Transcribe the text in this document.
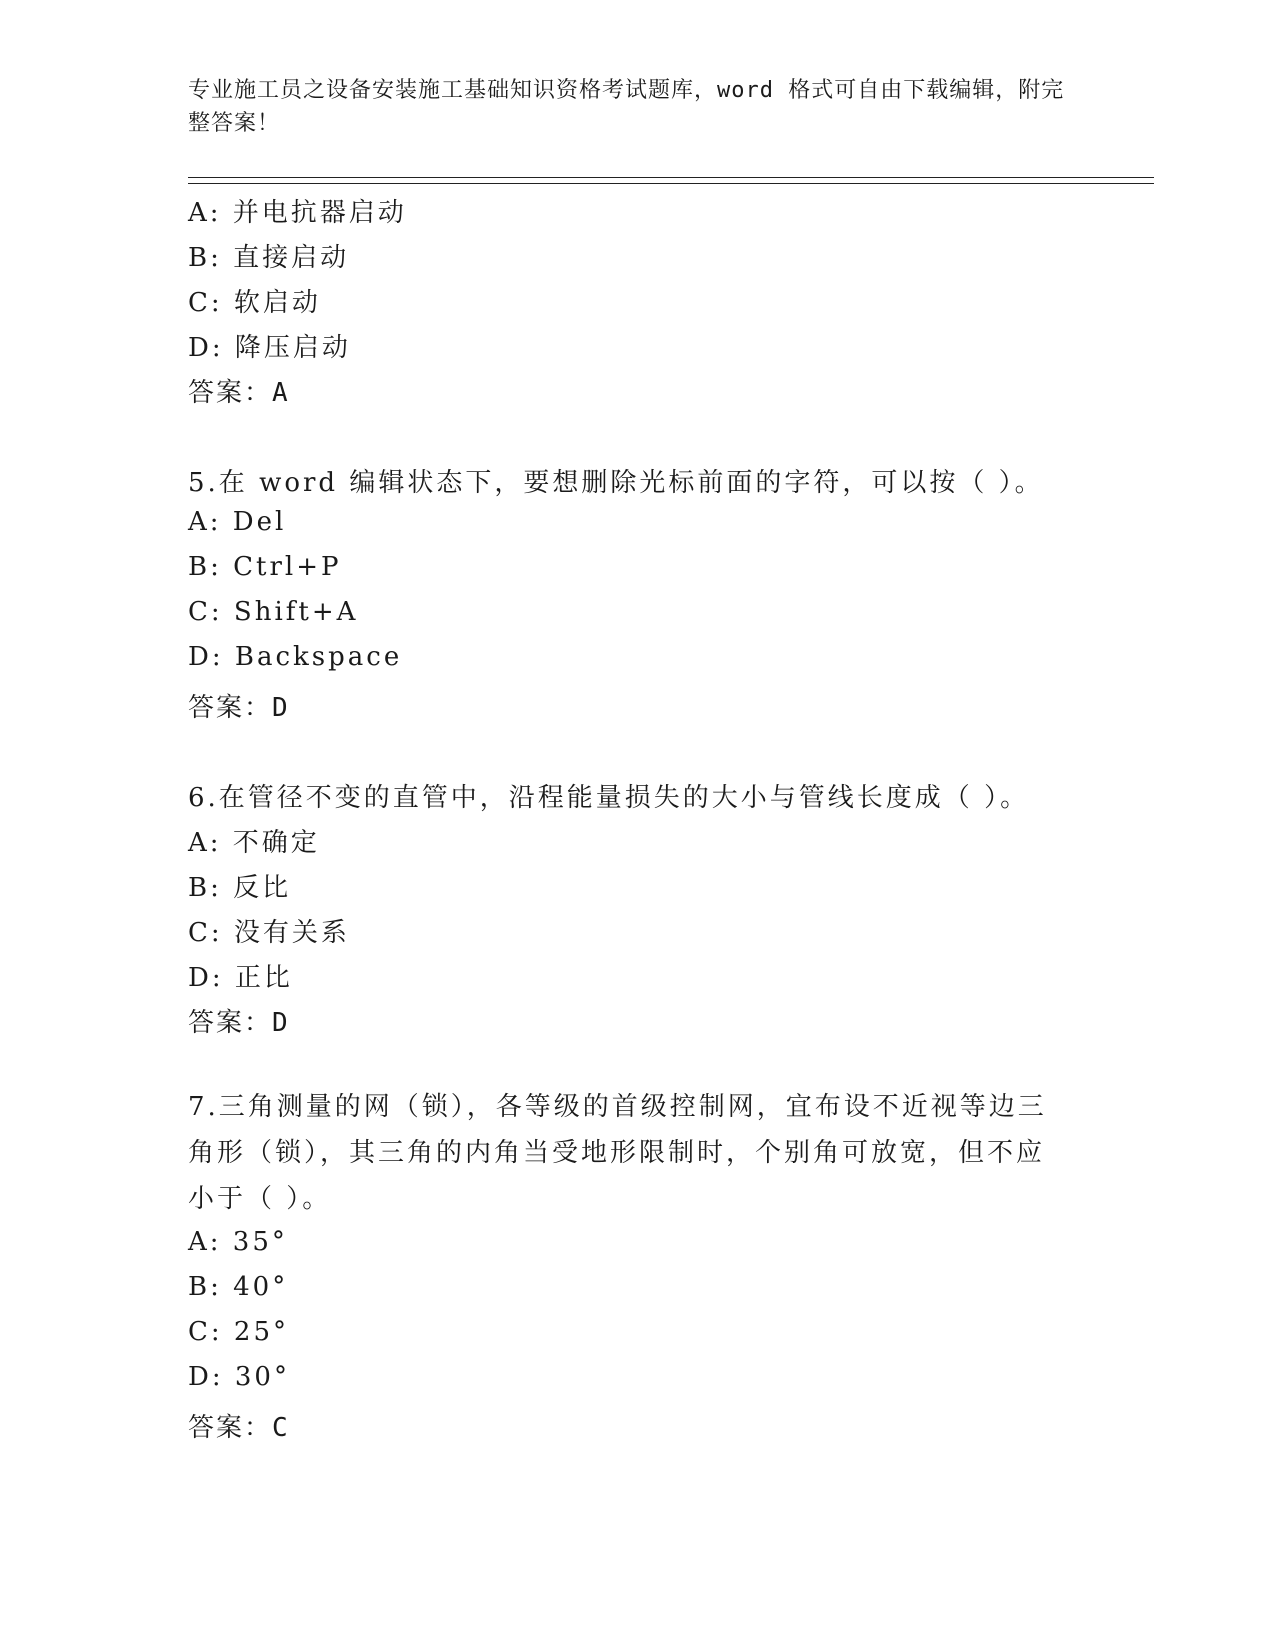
专业施工员之设备安装施工基础知识资格考试题库，word 格式可自由下载编辑，附完整答案！
A: 并电抗器启动
B: 直接启动
C: 软启动
D: 降压启动
答案：A
5.在 word 编辑状态下，要想删除光标前面的字符，可以按（ ）。
A: Del
B: Ctrl+P
C: Shift+A
D: Backspace
答案：D
6.在管径不变的直管中，沿程能量损失的大小与管线长度成（ ）。
A: 不确定
B: 反比
C: 没有关系
D: 正比
答案：D
7.三角测量的网（锁），各等级的首级控制网，宜布设不近视等边三角形（锁），其三角的内角当受地形限制时，个别角可放宽，但不应小于（ ）。
A: 35°
B: 40°
C: 25°
D: 30°
答案：C
